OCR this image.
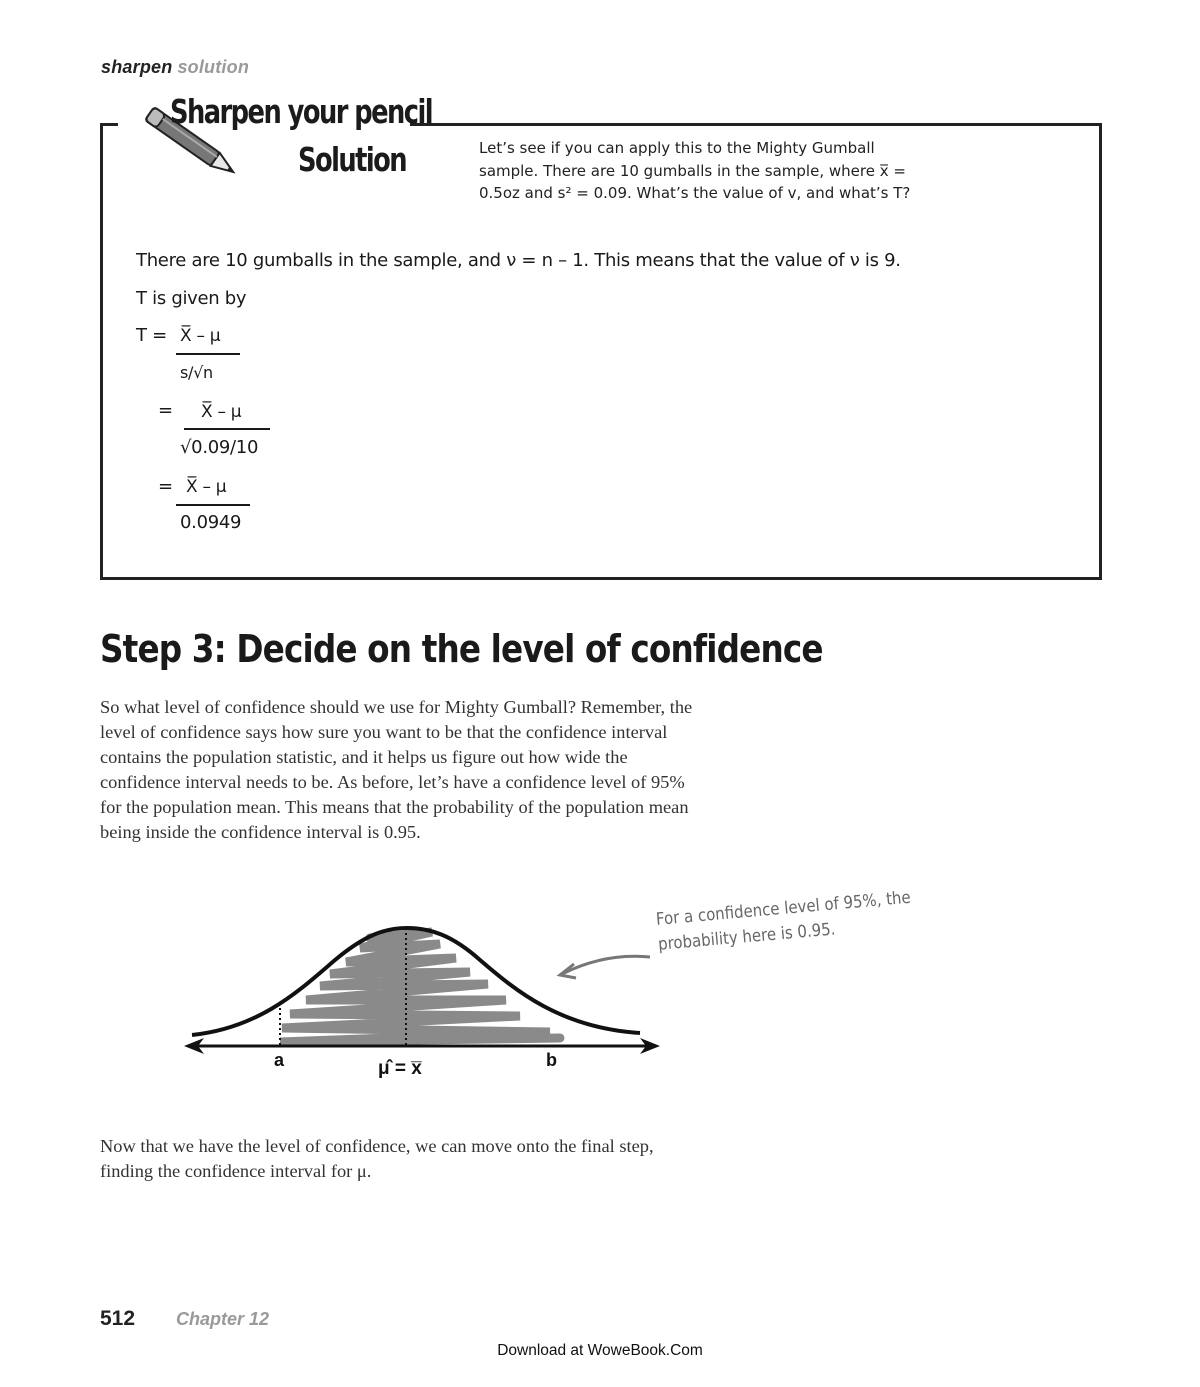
sharpen solution
Sharpen your pencil
Solution	Let’s see if you can apply this to the Mighty Gumball sample. There are 10 gumballs in the sample, where x̅ = 0.5oz and s² = 0.09. What’s the value of v, and what’s T?
There are 10 gumballs in the sample, and ν = n – 1. This means that the value of ν is 9.
T is given by
T = X̅ – μ
s/√n
= X̅ – μ
√0.09/10
= X̅ – μ
0.0949
Step 3: Decide on the level of confidence
So what level of confidence should we use for Mighty Gumball? Remember, the level of confidence says how sure you want to be that the confidence interval contains the population statistic, and it helps us figure out how wide the confidence interval needs to be. As before, let’s have a confidence level of 95% for the population mean. This means that the probability of the population mean being inside the confidence interval is 0.95.
a	μ̂ = x̅	b
For a confidence level of 95%, the
probability here is 0.95.
Now that we have the level of confidence, we can move onto the final step, finding the confidence interval for μ.
512 Chapter 12
Download at WoweBook.Com
